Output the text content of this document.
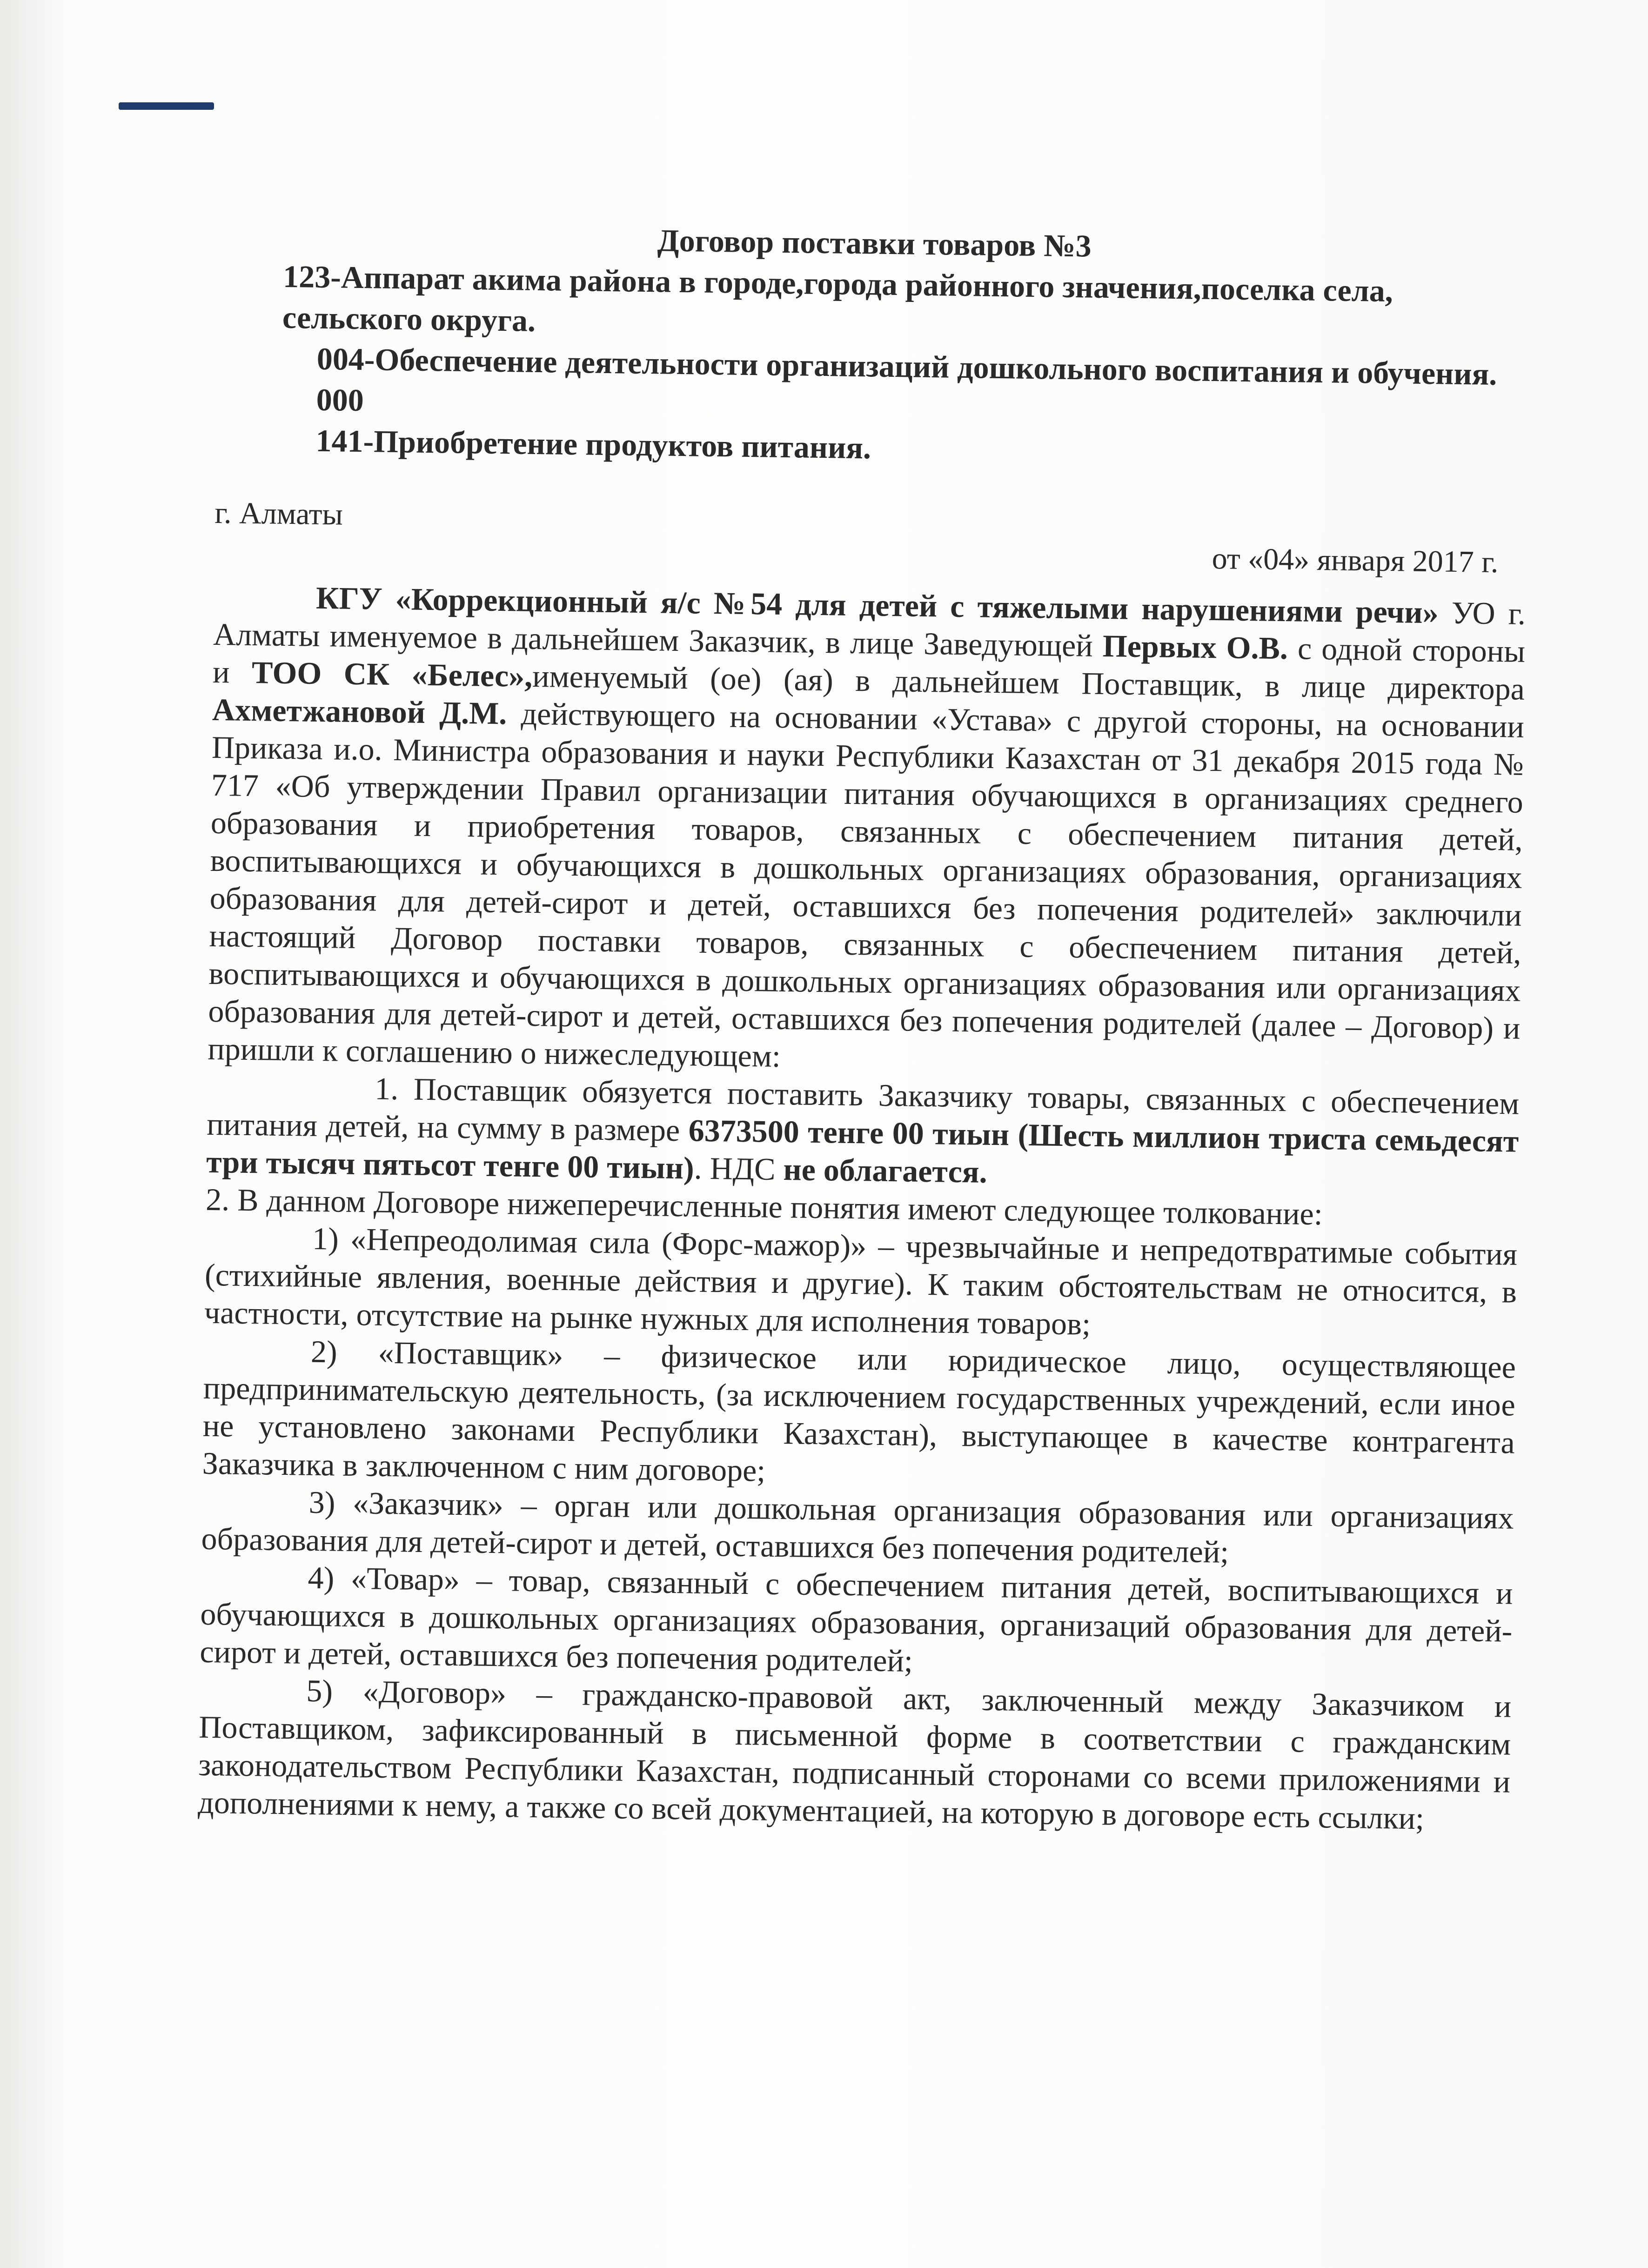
Договор поставки товаров №3

123-Аппарат акима района в городе,города районного значения,поселка села, сельского округа.

004-Обеспечение деятельности организаций дошкольного воспитания и обучения.

000

141-Приобретение продуктов питания.

г. Алматы
от «04» января 2017 г.

КГУ «Коррекционный я/с №54 для детей с тяжелыми нарушениями речи» УО г. Алматы именуемое в дальнейшем Заказчик, в лице Заведующей Первых О.В. с одной стороны и ТОО СК «Белес»,именуемый (ое) (ая) в дальнейшем Поставщик, в лице директора Ахметжановой Д.М. действующего на основании «Устава» с другой стороны, на основании Приказа и.о. Министра образования и науки Республики Казахстан от 31 декабря 2015 года № 717 «Об утверждении Правил организации питания обучающихся в организациях среднего образования и приобретения товаров, связанных с обеспечением питания детей, воспитывающихся и обучающихся в дошкольных организациях образования, организациях образования для детей-сирот и детей, оставшихся без попечения родителей» заключили настоящий Договор поставки товаров, связанных с обеспечением питания детей, воспитывающихся и обучающихся в дошкольных организациях образования или организациях образования для детей-сирот и детей, оставшихся без попечения родителей (далее – Договор) и пришли к соглашению о нижеследующем:

1. Поставщик обязуется поставить Заказчику товары, связанных с обеспечением питания детей, на сумму в размере 6373500 тенге 00 тиын (Шесть миллион триста семьдесят три тысяч пятьсот тенге 00 тиын). НДС не облагается.

2. В данном Договоре нижеперечисленные понятия имеют следующее толкование:

1) «Непреодолимая сила (Форс-мажор)» – чрезвычайные и непредотвратимые события (стихийные явления, военные действия и другие). К таким обстоятельствам не относится, в частности, отсутствие на рынке нужных для исполнения товаров;

2) «Поставщик» – физическое или юридическое лицо, осуществляющее предпринимательскую деятельность, (за исключением государственных учреждений, если иное не установлено законами Республики Казахстан), выступающее в качестве контрагента Заказчика в заключенном с ним договоре;

3) «Заказчик» – орган или дошкольная организация образования или организациях образования для детей-сирот и детей, оставшихся без попечения родителей;

4) «Товар» – товар, связанный с обеспечением питания детей, воспитывающихся и обучающихся в дошкольных организациях образования, организаций образования для детей-сирот и детей, оставшихся без попечения родителей;

5) «Договор» – гражданско-правовой акт, заключенный между Заказчиком и Поставщиком, зафиксированный в письменной форме в соответствии с гражданским законодательством Республики Казахстан, подписанный сторонами со всеми приложениями и дополнениями к нему, а также со всей документацией, на которую в договоре есть ссылки;
